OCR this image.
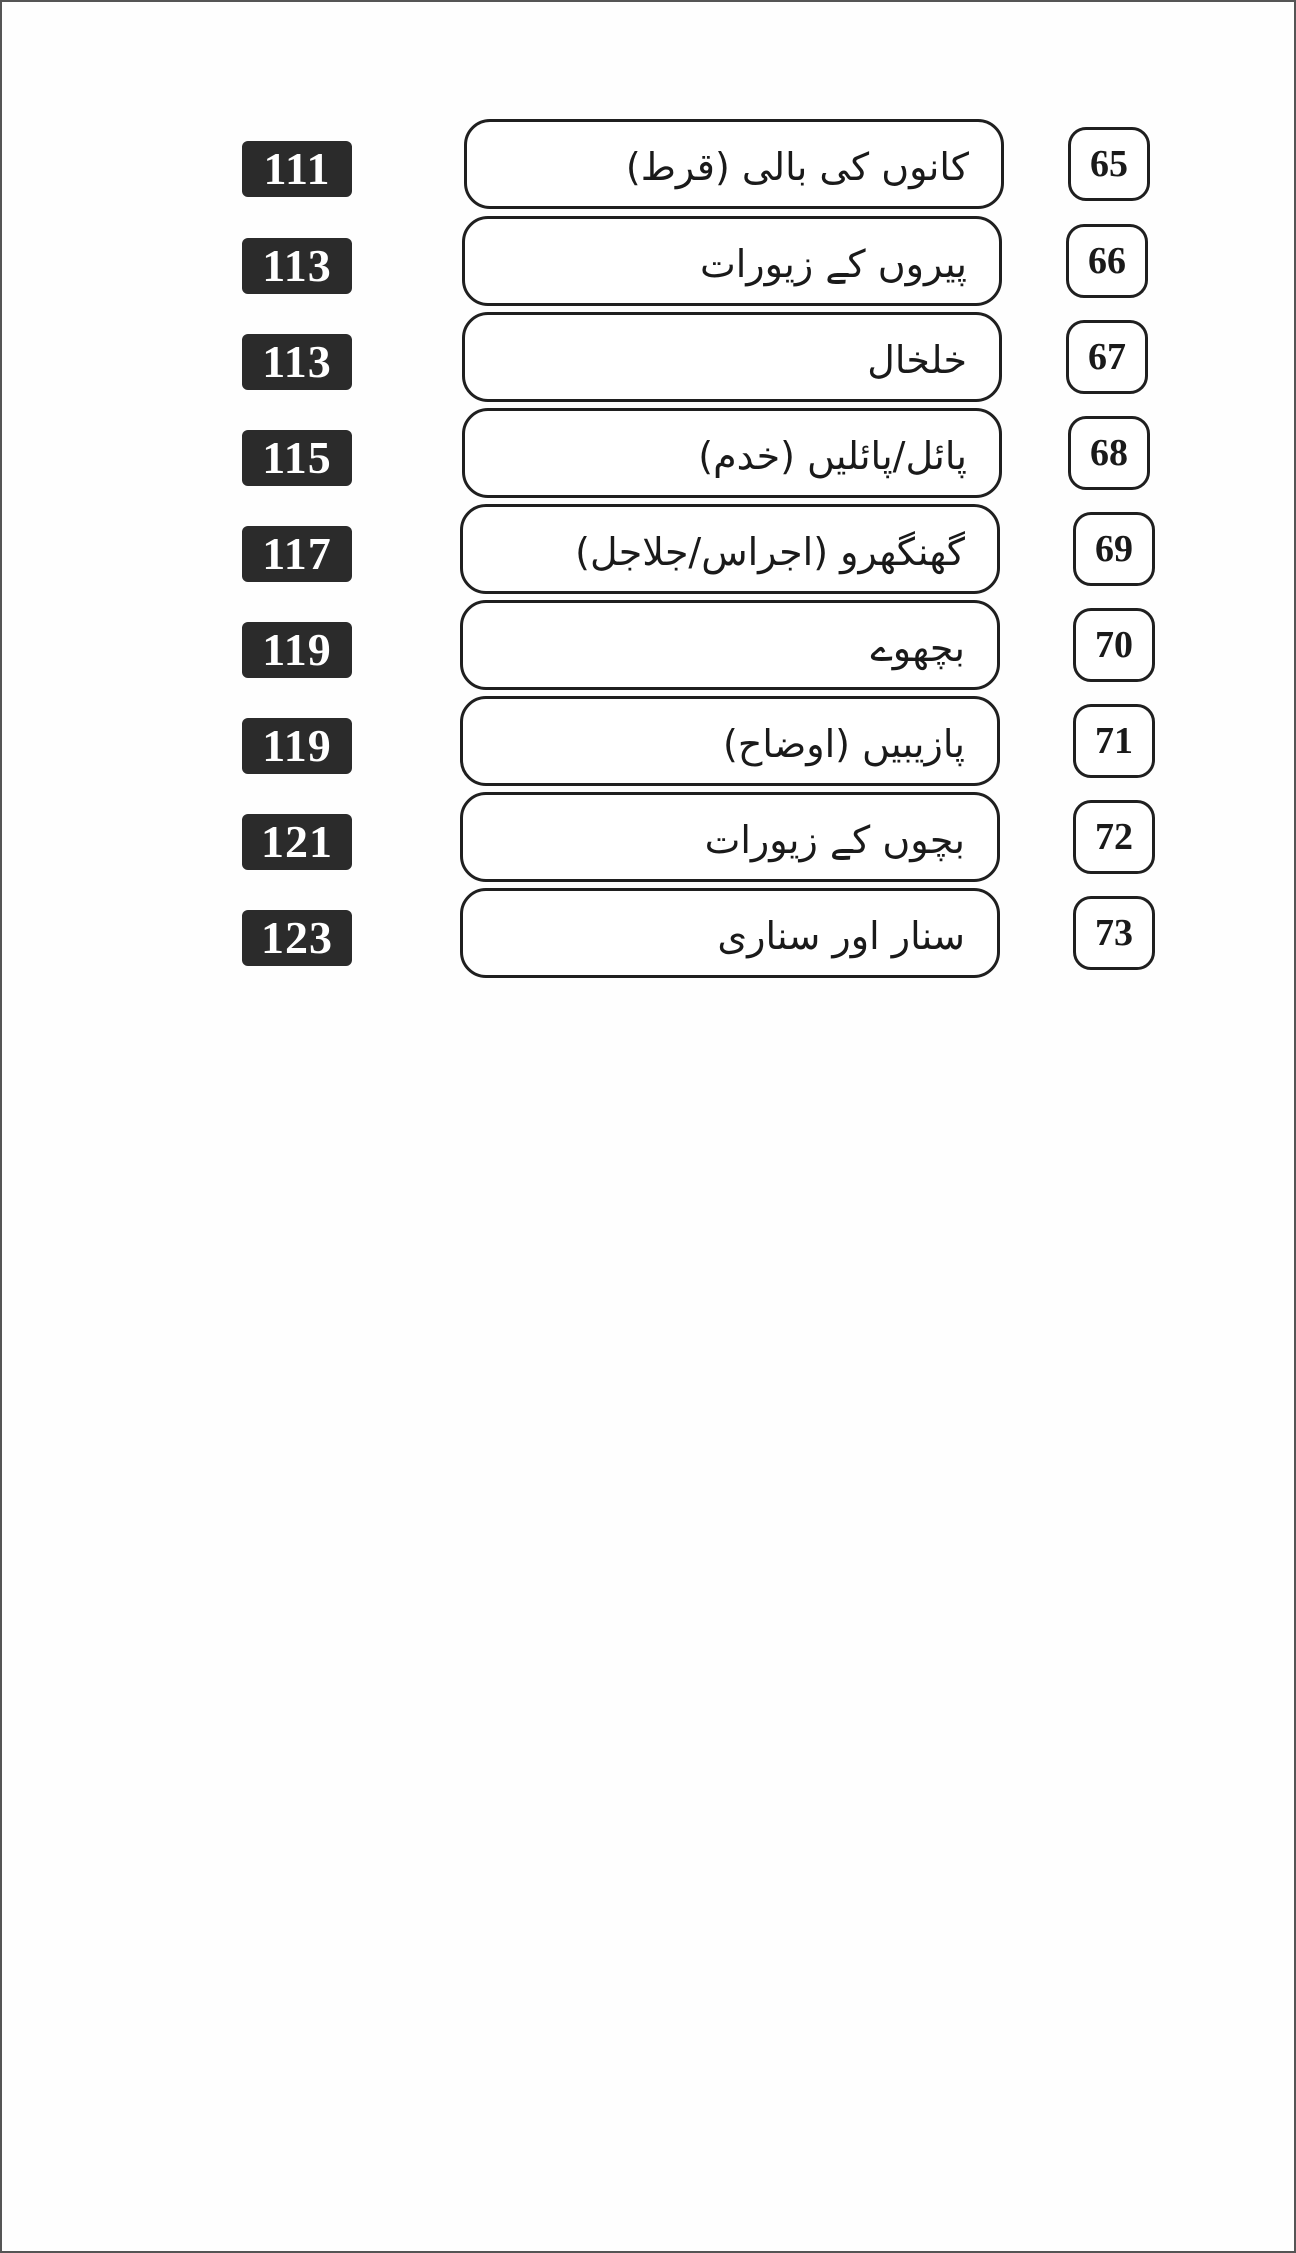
111	کانوں کی بالی (قرط)	65
113	پیروں کے زیورات	66
113	خلخال	67
115	پائل/پائلیں (خدم)	68
117	گھنگھرو (اجراس/جلاجل)	69
119	بچھوے	70
119	پازیبیں (اوضاح)	71
121	بچوں کے زیورات	72
123	سنار اور سناری	73
